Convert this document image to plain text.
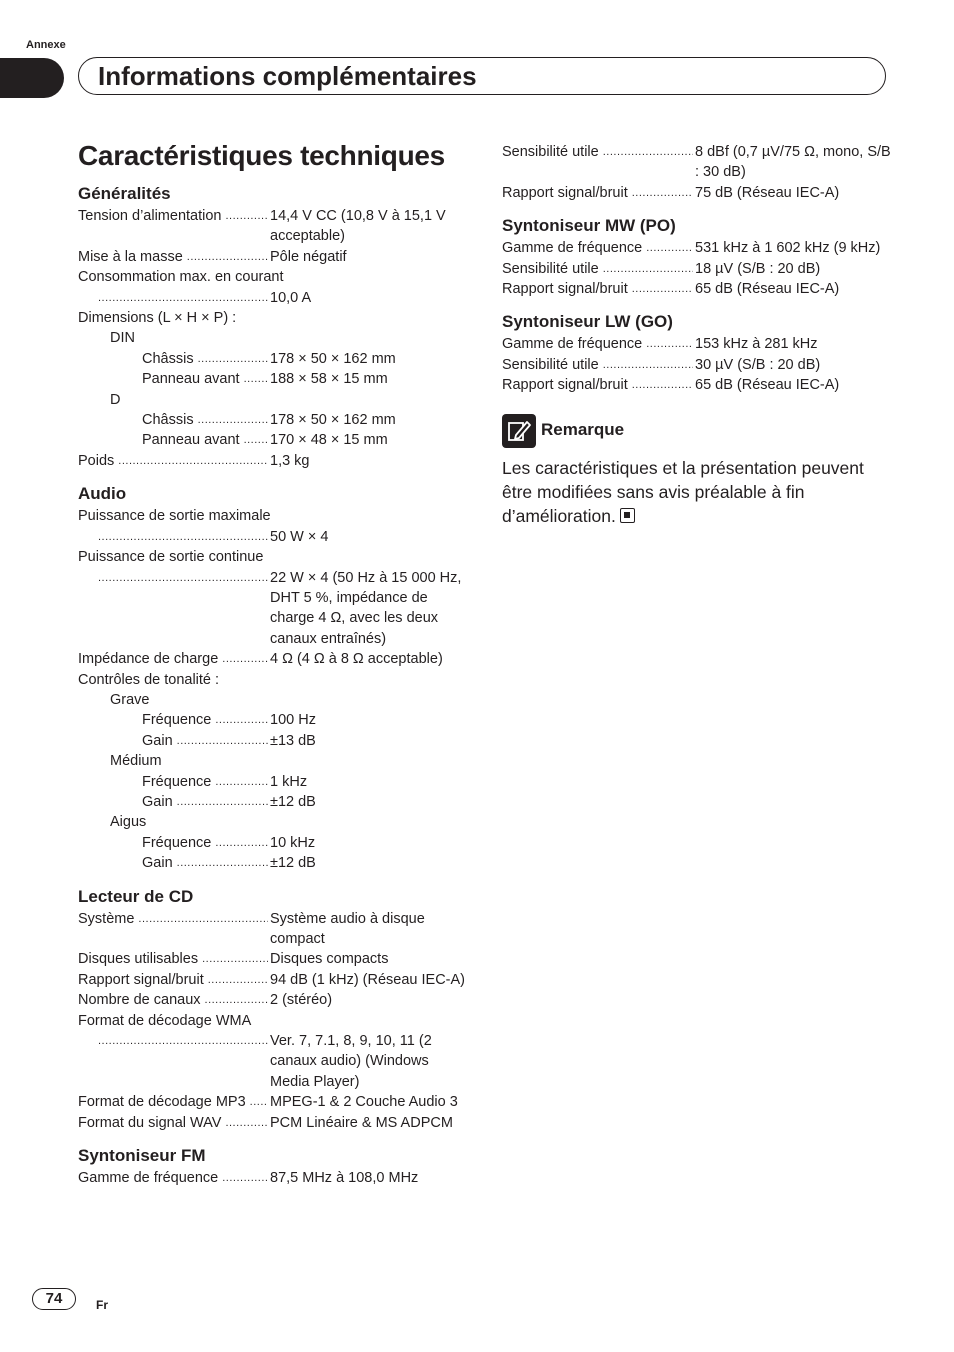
Annexe
Informations complémentaires
Caractéristiques techniques
Généralités
Tension d’alimentation .....	14,4 V CC (10,8 V à 15,1 V acceptable)
Mise à la masse .....	Pôle négatif
Consommation max. en courant
.....
10,0 A
Dimensions (L × H × P) :
DIN
Châssis .....	178 × 50 × 162 mm
Panneau avant ..... 188 × 58 × 15 mm
D
Châssis .....	178 × 50 × 162 mm
Panneau avant ..... 170 × 48 × 15 mm
Poids .....	1,3 kg
Audio
Puissance de sortie maximale
.....
50 W × 4
Puissance de sortie continue
.....
22 W × 4 (50 Hz à 15 000 Hz, DHT 5 %, impédance de charge 4 Ω, avec les deux canaux entraînés)
Impédance de charge .....	4 Ω (4 Ω à 8 Ω acceptable)
Contrôles de tonalité :
Grave
Fréquence .....	100 Hz
Gain .....	±13 dB
Médium
Fréquence .....	1 kHz
Gain .....	±12 dB
Aigus
Fréquence .....	10 kHz
Gain .....	±12 dB
Lecteur de CD
Système .....	Système audio à disque compact
Disques utilisables .....	Disques compacts
Rapport signal/bruit .....	94 dB (1 kHz) (Réseau IEC-A)
Nombre de canaux .....	2 (stéréo)
Format de décodage WMA
.....
Ver. 7, 7.1, 8, 9, 10, 11 (2 canaux audio) (Windows Media Player)
Format de décodage MP3 ..... MPEG-1 & 2 Couche Audio 3
Format du signal WAV .....	PCM Linéaire & MS ADPCM
Syntoniseur FM
Gamme de fréquence .....	87,5 MHz à 108,0 MHz
Sensibilité utile .....	8 dBf (0,7 µV/75 Ω, mono, S/B : 30 dB)
Rapport signal/bruit .....	75 dB (Réseau IEC-A)
Syntoniseur MW (PO)
Gamme de fréquence .....	531 kHz à 1 602 kHz (9 kHz)
Sensibilité utile .....	18 µV (S/B : 20 dB)
Rapport signal/bruit .....	65 dB (Réseau IEC-A)
Syntoniseur LW (GO)
Gamme de fréquence .....	153 kHz à 281 kHz
Sensibilité utile .....	30 µV (S/B : 20 dB)
Rapport signal/bruit .....	65 dB (Réseau IEC-A)
Remarque
Les caractéristiques et la présentation peuvent être modifiées sans avis préalable à fin d’amélioration.
74	Fr
